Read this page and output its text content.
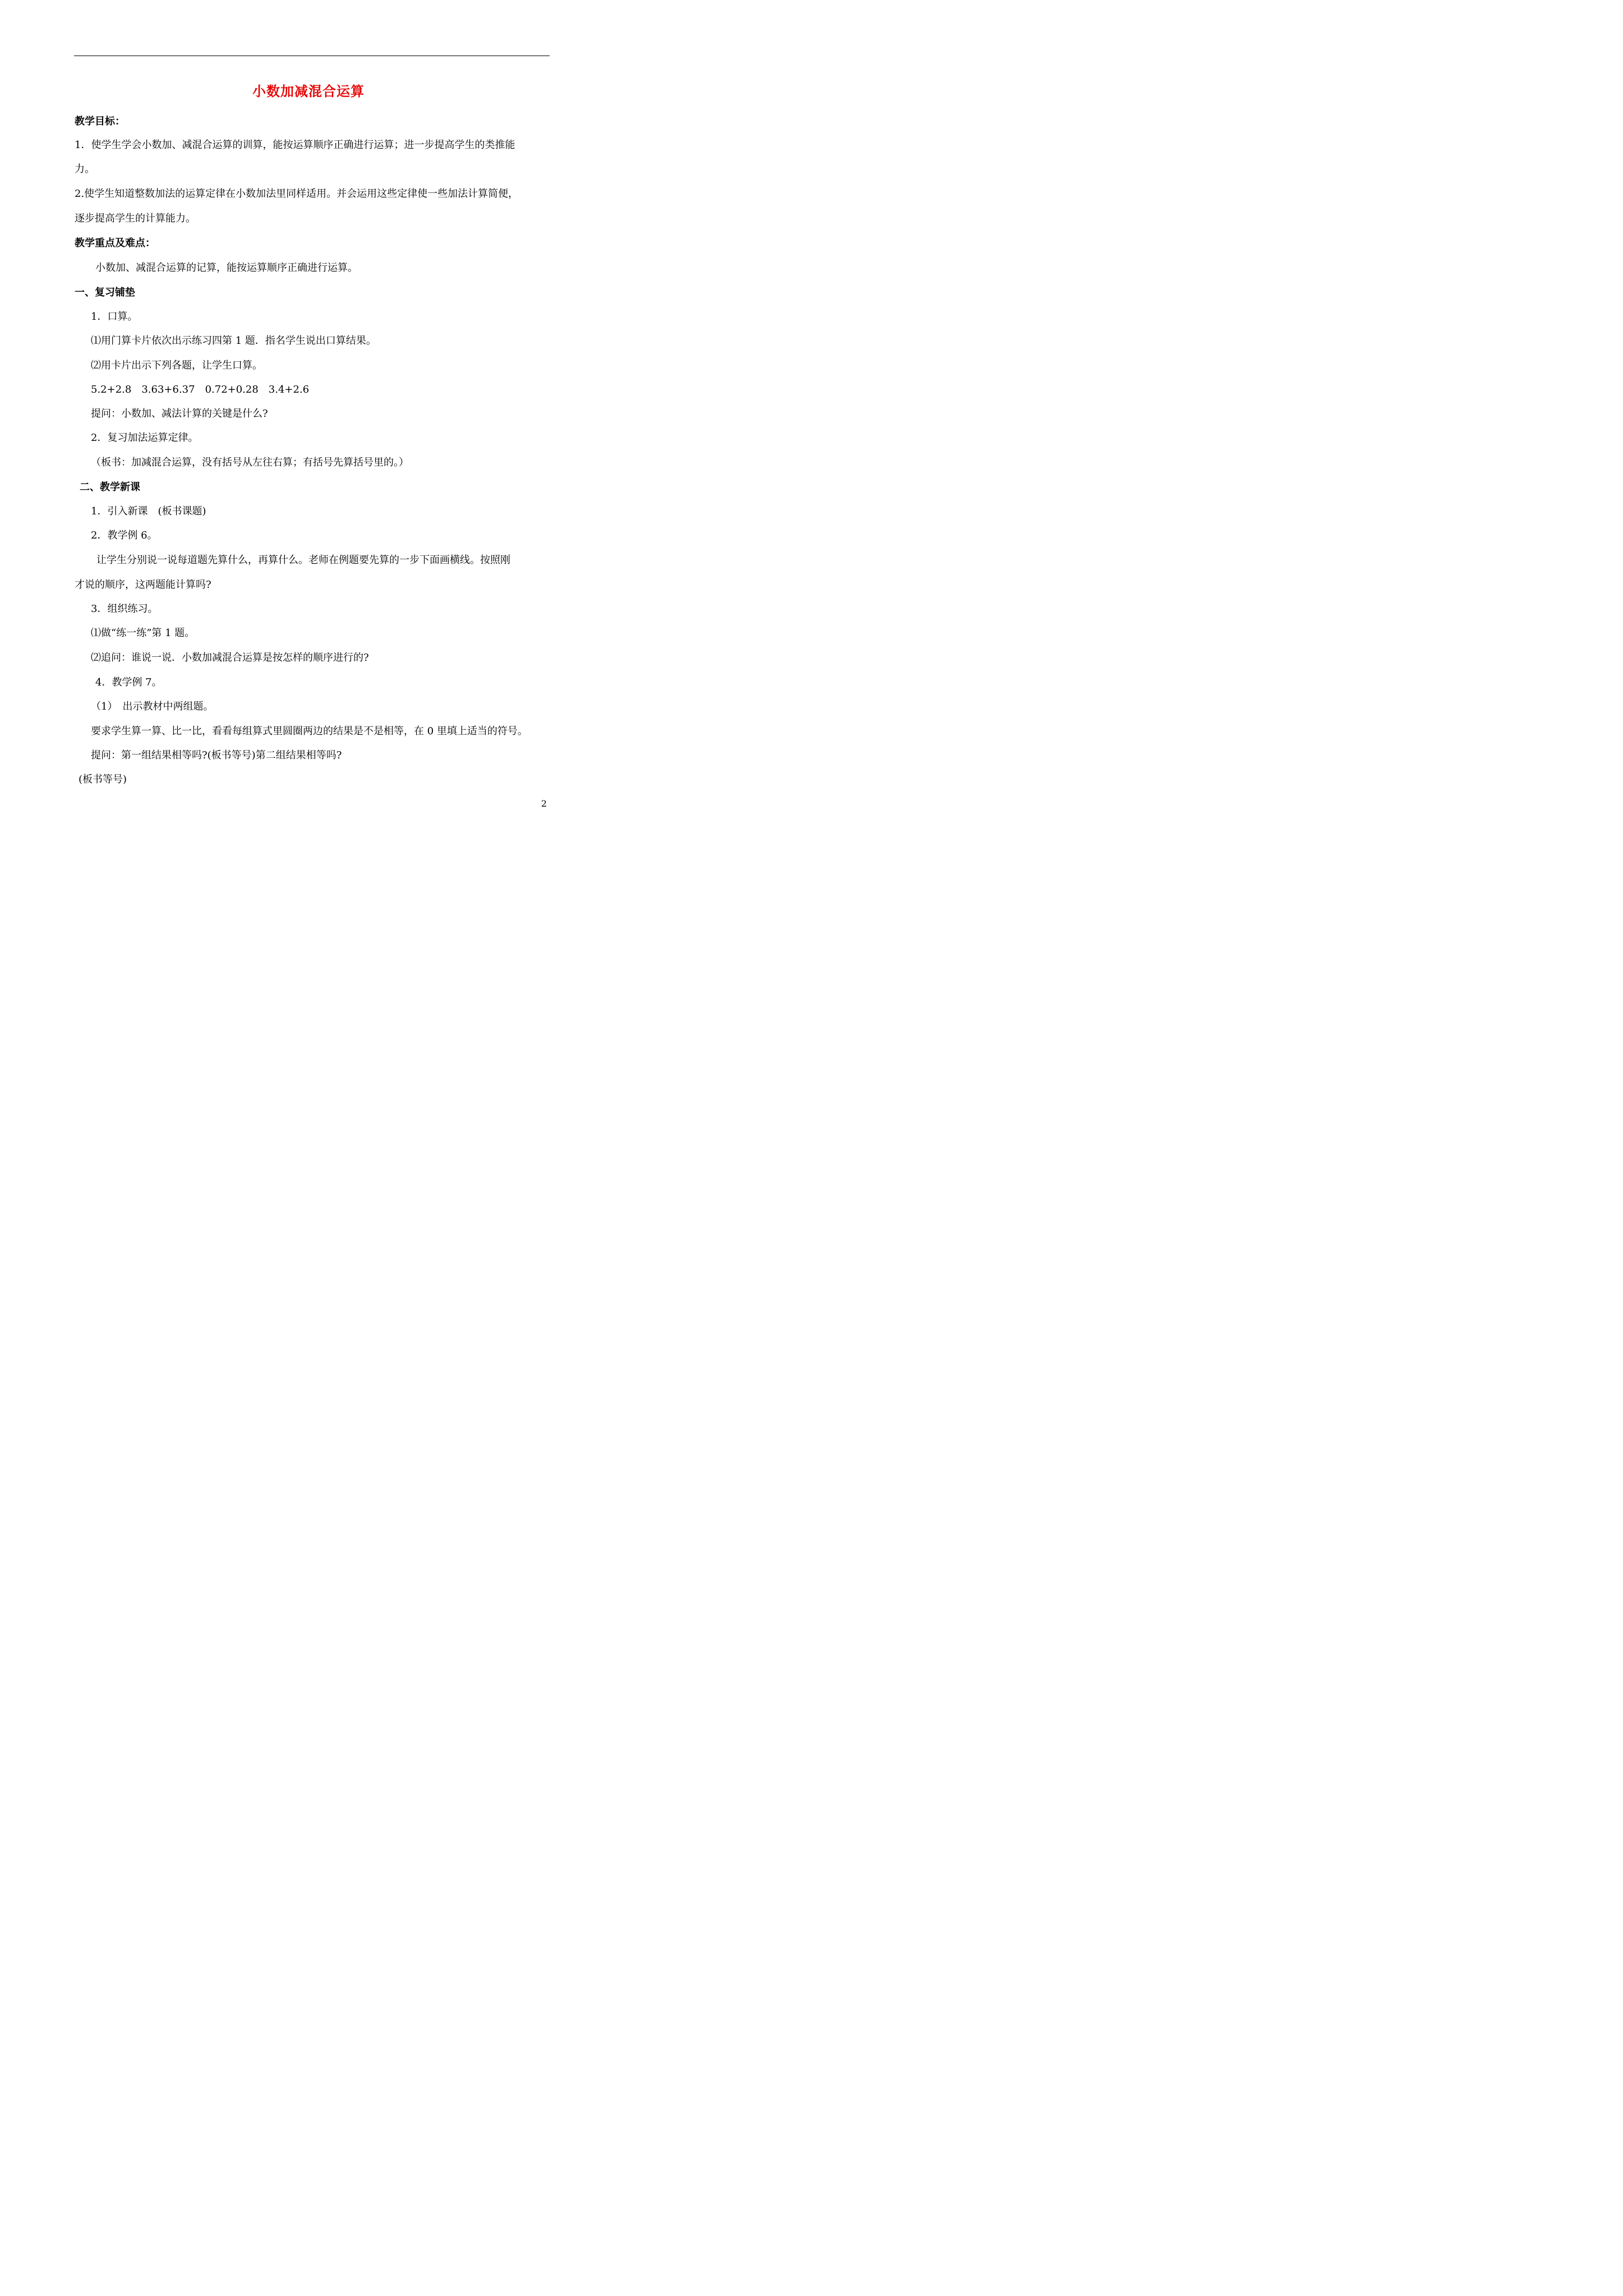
小数加减混合运算
教学目标：
1．使学生学会小数加、减混合运算的训算，能按运算顺序正确进行运算；进一步提高学生的类推能
力。
2.使学生知道整数加法的运算定律在小数加法里同样适用。并会运用这些定律使一些加法计算简便，
逐步提高学生的计算能力。
教学重点及难点：
小数加、减混合运算的记算，能按运算顺序正确进行运算。
一、复习铺垫
1．口算。
⑴用门算卡片依次出示练习四第 1 题．指名学生说出口算结果。
⑵用卡片出示下列各题，让学生口算。
5.2+2.8　3.63+6.37　0.72+0.28　3.4+2.6
提问：小数加、减法计算的关键是什么?
2．复习加法运算定律。
（板书：加减混合运算，没有括号从左往右算；有括号先算括号里的。）
二、教学新课
1．引入新课　(板书课题)
2．教学例 6。
让学生分别说一说每道题先算什么，再算什么。老师在例题要先算的一步下面画横线。按照刚
才说的顺序，这两题能计算吗?
3．组织练习。
⑴做“练一练”第 1 题。
⑵追问：谁说一说．小数加减混合运算是按怎样的顺序进行的?
4．教学例 7。
（1）　出示教材中两组题。
要求学生算一算、比一比，看看每组算式里圆圈两边的结果是不是相等，在 0 里填上适当的符号。
提问：第一组结果相等吗?(板书等号)第二组结果相等吗?
(板书等号)
2
